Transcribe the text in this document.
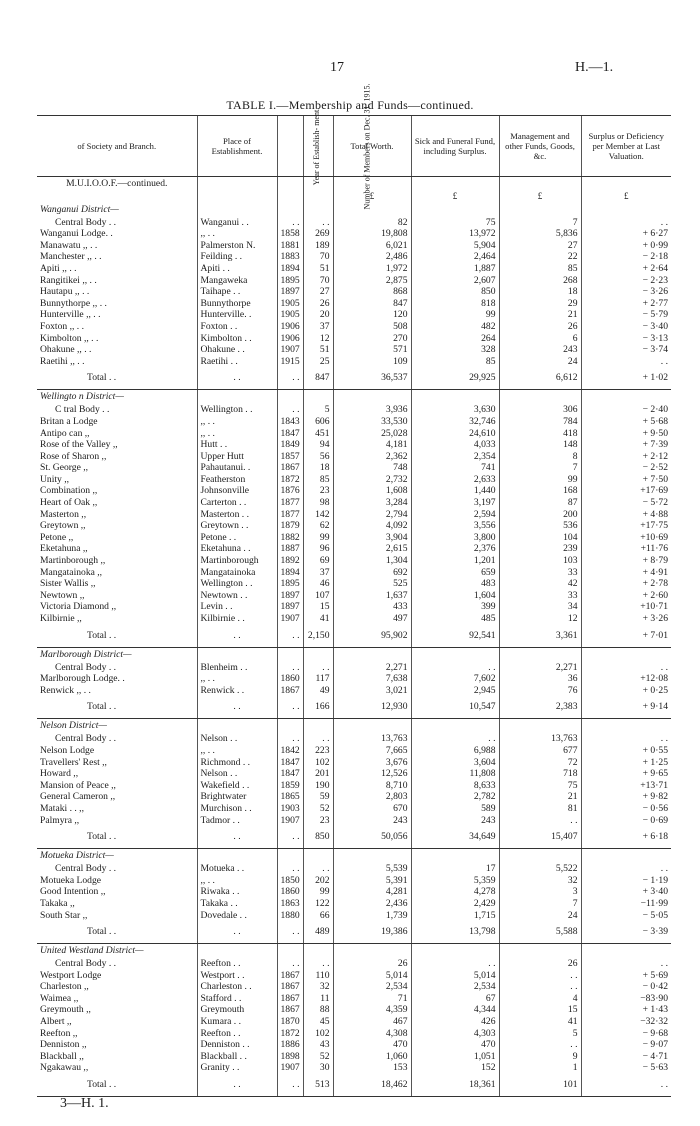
17	H.—1.
TABLE I.—Membership and Funds—continued.
of Society and Branch.	Place of Establishment.	Year of Establish- ment.	Number of Members on Dec. 31, 1915.	Total Worth.	Sick and Funeral Fund, including Surplus.	Management and other Funds, Goods, &c.	Surplus or Deficiency per Member at Last Valuation.
M.U.I.O.O.F.—continued.							
				£	£	£	£
Wanganui District—							
Central Body . .	Wanganui . .	. .	. .	82	75	7	. .
Wanganui Lodge. .	,, . .	1858	269	19,808	13,972	5,836	+ 6·27
Manawatu ,, . .	Palmerston N.	1881	189	6,021	5,904	27	+ 0·99
Manchester ,, . .	Feilding . .	1883	70	2,486	2,464	22	− 2·18
Apiti ,, . .	Apiti . .	1894	51	1,972	1,887	85	+ 2·64
Rangitikei ,, . .	Mangaweka	1895	70	2,875	2,607	268	− 2·23
Hautapu ,, . .	Taihape . .	1897	27	868	850	18	− 3·26
Bunnythorpe ,, . .	Bunnythorpe	1905	26	847	818	29	+ 2·77
Hunterville ,, . .	Hunterville. .	1905	20	120	99	21	− 5·79
Foxton ,, . .	Foxton . .	1906	37	508	482	26	− 3·40
Kimbolton ,, . .	Kimbolton . .	1906	12	270	264	6	− 3·13
Ohakune ,, . .	Ohakune . .	1907	51	571	328	243	− 3·74
Raetihi ,, . .	Raetihi . .	1915	25	109	85	24	. .
Total . .	. .	. .	847	36,537	29,925	6,612	+ 1·02
Wellingto n District—							
C tral Body . .	Wellington . .	. .	5	3,936	3,630	306	− 2·40
Britan a Lodge	,, . .	1843	606	33,530	32,746	784	+ 5·68
Antipo can ,,	,, . .	1847	451	25,028	24,610	418	+ 9·50
Rose of the Valley ,,	Hutt . .	1849	94	4,181	4,033	148	+ 7·39
Rose of Sharon ,,	Upper Hutt	1857	56	2,362	2,354	8	+ 2·12
St. George ,,	Pahautanui. .	1867	18	748	741	7	− 2·52
Unity ,,	Featherston	1872	85	2,732	2,633	99	+ 7·50
Combination ,,	Johnsonville	1876	23	1,608	1,440	168	+17·69
Heart of Oak ,,	Carterton . .	1877	98	3,284	3,197	87	− 5·72
Masterton ,,	Masterton . .	1877	142	2,794	2,594	200	+ 4·88
Greytown ,,	Greytown . .	1879	62	4,092	3,556	536	+17·75
Petone ,,	Petone . .	1882	99	3,904	3,800	104	+10·69
Eketahuna ,,	Eketahuna . .	1887	96	2,615	2,376	239	+11·76
Martinborough ,,	Martinborough	1892	69	1,304	1,201	103	+ 8·79
Mangatainoka ,,	Mangatainoka	1894	37	692	659	33	+ 4·91
Sister Wallis ,,	Wellington . .	1895	46	525	483	42	+ 2·78
Newtown ,,	Newtown . .	1897	107	1,637	1,604	33	+ 2·60
Victoria Diamond ,,	Levin . .	1897	15	433	399	34	+10·71
Kilbirnie ,,	Kilbirnie . .	1907	41	497	485	12	+ 3·26
Total . .	. .	. .	2,150	95,902	92,541	3,361	+ 7·01
Marlborough District—							
Central Body . .	Blenheim . .	. .	. .	2,271	. .	2,271	. .
Marlborough Lodge. .	,, . .	1860	117	7,638	7,602	36	+12·08
Renwick ,, . .	Renwick . .	1867	49	3,021	2,945	76	+ 0·25
Total . .	. .	. .	166	12,930	10,547	2,383	+ 9·14
Nelson District—							
Central Body . .	Nelson . .	. .	. .	13,763	. .	13,763	. .
Nelson Lodge	,, . .	1842	223	7,665	6,988	677	+ 0·55
Travellers' Rest ,,	Richmond . .	1847	102	3,676	3,604	72	+ 1·25
Howard ,,	Nelson . .	1847	201	12,526	11,808	718	+ 9·65
Mansion of Peace ,,	Wakefield . .	1859	190	8,710	8,633	75	+13·71
General Cameron ,,	Brightwater	1865	59	2,803	2,782	21	+ 9·82
Mataki . . ,,	Murchison . .	1903	52	670	589	81	− 0·56
Palmyra ,,	Tadmor . .	1907	23	243	243	. .	− 0·69
Total . .	. .	. .	850	50,056	34,649	15,407	+ 6·18
Motueka District—							
Central Body . .	Motueka . .	. .	. .	5,539	17	5,522	. .
Motueka Lodge	,, . .	1850	202	5,391	5,359	32	− 1·19
Good Intention ,,	Riwaka . .	1860	99	4,281	4,278	3	+ 3·40
Takaka ,,	Takaka . .	1863	122	2,436	2,429	7	−11·99
South Star ,,	Dovedale . .	1880	66	1,739	1,715	24	− 5·05
Total . .	. .	. .	489	19,386	13,798	5,588	− 3·39
United Westland District—							
Central Body . .	Reefton . .	. .	. .	26	. .	26	. .
Westport Lodge	Westport . .	1867	110	5,014	5,014	. .	+ 5·69
Charleston ,,	Charleston . .	1867	32	2,534	2,534	. .	− 0·42
Waimea ,,	Stafford . .	1867	11	71	67	4	−83·90
Greymouth ,,	Greymouth	1867	88	4,359	4,344	15	+ 1·43
Albert ,,	Kumara . .	1870	45	467	426	41	−32·32
Reefton ,,	Reefton . .	1872	102	4,308	4,303	5	− 9·68
Denniston ,,	Denniston . .	1886	43	470	470	. .	− 9·07
Blackball ,,	Blackball . .	1898	52	1,060	1,051	9	− 4·71
Ngakawau ,,	Granity . .	1907	30	153	152	1	− 5·63
Total . .	. .	. .	513	18,462	18,361	101	. .
3—H. 1.
